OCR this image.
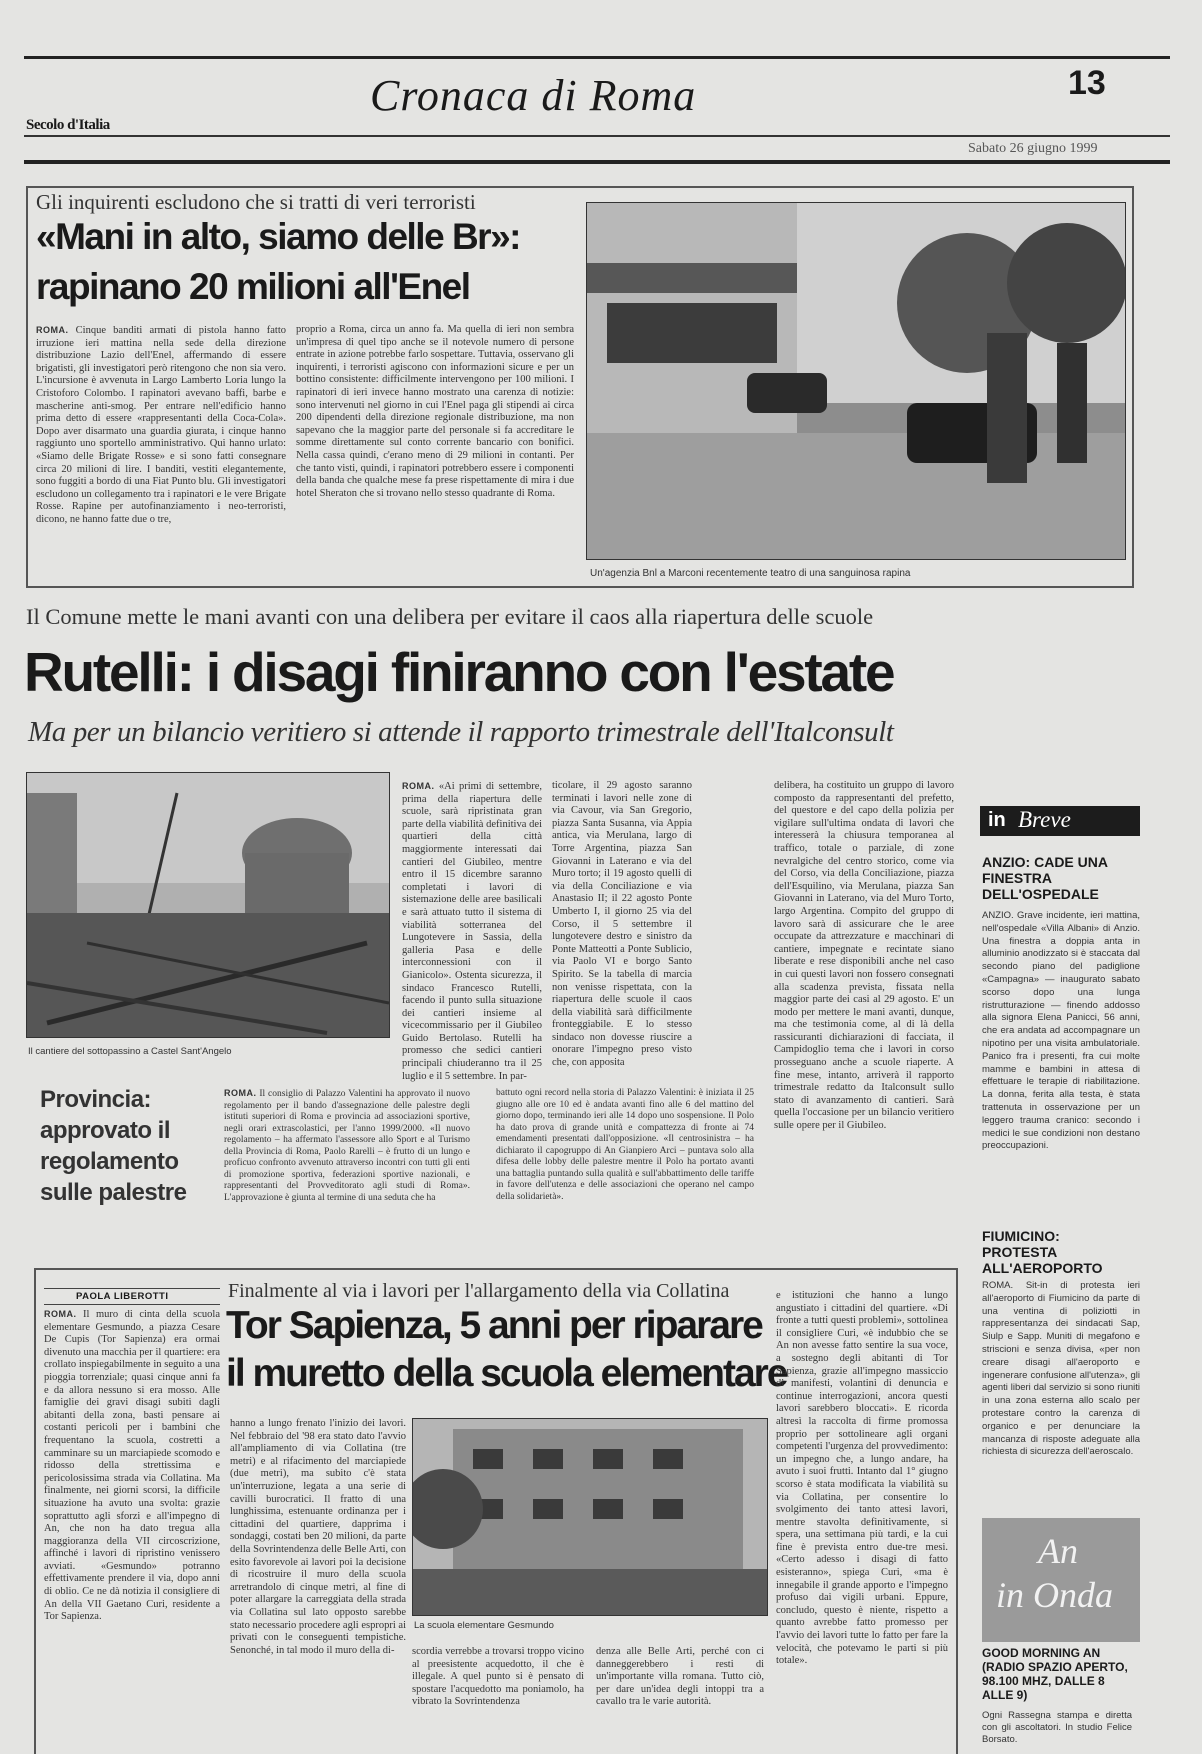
Cronaca di Roma	13
Secolo d'Italia
Sabato 26 giugno 1999
Gli inquirenti escludono che si tratti di veri terroristi
«Mani in alto, siamo delle Br»:
rapinano 20 milioni all'Enel
ROMA. Cinque banditi armati di pistola hanno fatto irruzione ieri mattina nella sede della direzione distribuzione Lazio dell'Enel, affermando di essere brigatisti, gli investigatori però ritengono che non sia vero. L'incursione è avvenuta in Largo Lamberto Loria lungo la Cristoforo Colombo. I rapinatori avevano baffi, barbe e mascherine anti-smog. Per entrare nell'edificio hanno prima detto di essere «rappresentanti della Coca-Cola». Dopo aver disarmato una guardia giurata, i cinque hanno raggiunto uno sportello amministrativo. Qui hanno urlato: «Siamo delle Brigate Rosse» e si sono fatti consegnare circa 20 milioni di lire. I banditi, vestiti elegantemente, sono fuggiti a bordo di una Fiat Punto blu. Gli investigatori escludono un collegamento tra i rapinatori e le vere Brigate Rosse. Rapine per autofinanziamento i neo-terroristi, dicono, ne hanno fatte due o tre,
proprio a Roma, circa un anno fa. Ma quella di ieri non sembra un'impresa di quel tipo anche se il notevole numero di persone entrate in azione potrebbe farlo sospettare. Tuttavia, osservano gli inquirenti, i terroristi agiscono con informazioni sicure e per un bottino consistente: difficilmente intervengono per 100 milioni. I rapinatori di ieri invece hanno mostrato una carenza di notizie: sono intervenuti nel giorno in cui l'Enel paga gli stipendi ai circa 200 dipendenti della direzione regionale distribuzione, ma non sapevano che la maggior parte del personale si fa accreditare le somme direttamente sul conto corrente bancario con bonifici. Nella cassa quindi, c'erano meno di 29 milioni in contanti. Per che tanto visti, quindi, i rapinatori potrebbero essere i componenti della banda che qualche mese fa prese rispettamente di mira i due hotel Sheraton che si trovano nello stesso quadrante di Roma.
Un'agenzia Bnl a Marconi recentemente teatro di una sanguinosa rapina
Il Comune mette le mani avanti con una delibera per evitare il caos alla riapertura delle scuole
Rutelli: i disagi finiranno con l'estate
Ma per un bilancio veritiero si attende il rapporto trimestrale dell'Italconsult
Il cantiere del sottopassino a Castel Sant'Angelo
ROMA. «Ai primi di settembre, prima della riapertura delle scuole, sarà ripristinata gran parte della viabilità definitiva dei quartieri della città maggiormente interessati dai cantieri del Giubileo, mentre entro il 15 dicembre saranno completati i lavori di sistemazione delle aree basilicali e sarà attuato tutto il sistema di viabilità sotterranea del Lungotevere in Sassia, della galleria Pasa e delle interconnessioni con il Gianicolo». Ostenta sicurezza, il sindaco Francesco Rutelli, facendo il punto sulla situazione dei cantieri insieme al vicecommissario per il Giubileo Guido Bertolaso. Rutelli ha promesso che sedici cantieri principali chiuderanno tra il 25 luglio e il 5 settembre. In par-
ticolare, il 29 agosto saranno terminati i lavori nelle zone di via Cavour, via San Gregorio, piazza Santa Susanna, via Appia antica, via Merulana, largo di Torre Argentina, piazza San Giovanni in Laterano e via del Muro torto; il 19 agosto quelli di via della Conciliazione e via Anastasio II; il 22 agosto Ponte Umberto I, il giorno 25 via del Corso, il 5 settembre il lungotevere destro e sinistro da Ponte Matteotti a Ponte Sublicio, via Paolo VI e borgo Santo Spirito. Se la tabella di marcia non venisse rispettata, con la riapertura delle scuole il caos della viabilità sarà difficilmente fronteggiabile. E lo stesso sindaco non dovesse riuscire a onorare l'impegno preso visto che, con apposita
delibera, ha costituito un gruppo di lavoro composto da rappresentanti del prefetto, del questore e del capo della polizia per vigilare sull'ultima ondata di lavori che interesserà la chiusura temporanea al traffico, totale o parziale, di zone nevralgiche del centro storico, come via del Corso, via della Conciliazione, piazza dell'Esquilino, via Merulana, piazza San Giovanni in Laterano, via del Muro Torto, largo Argentina. Compito del gruppo di lavoro sarà di assicurare che le aree occupate da attrezzature e macchinari di cantiere, impegnate e recintate siano liberate e rese disponibili anche nel caso in cui questi lavori non fossero consegnati alla scadenza prevista, fissata nella maggior parte dei casi al 29 agosto. E' un modo per mettere le mani avanti, dunque, ma che testimonia come, al di là della rassicuranti dichiarazioni di facciata, il Campidoglio tema che i lavori in corso prosseguano anche a scuole riaperte. A fine mese, intanto, arriverà il rapporto trimestrale redatto da Italconsult sullo stato di avanzamento di cantieri. Sarà quella l'occasione per un bilancio veritiero sulle opere per il Giubileo.
Provincia: approvato il regolamento sulle palestre
ROMA. Il consiglio di Palazzo Valentini ha approvato il nuovo regolamento per il bando d'assegnazione delle palestre degli istituti superiori di Roma e provincia ad associazioni sportive, negli orari extrascolastici, per l'anno 1999/2000. «Il nuovo regolamento – ha affermato l'assessore allo Sport e al Turismo della Provincia di Roma, Paolo Rarelli – è frutto di un lungo e proficuo confronto avvenuto attraverso incontri con tutti gli enti di promozione sportiva, federazioni sportive nazionali, e rappresentanti del Provveditorato agli studi di Roma». L'approvazione è giunta al termine di una seduta che ha
battuto ogni record nella storia di Palazzo Valentini: è iniziata il 25 giugno alle ore 10 ed è andata avanti fino alle 6 del mattino del giorno dopo, terminando ieri alle 14 dopo uno sospensione. Il Polo ha dato prova di grande unità e compattezza di fronte ai 74 emendamenti presentati dall'opposizione. «Il centrosinistra – ha dichiarato il capogruppo di An Gianpiero Arci – puntava solo alla difesa delle lobby delle palestre mentre il Polo ha portato avanti una battaglia puntando sulla qualità e sull'abbattimento delle tariffe in favore dell'utenza e delle associazioni che operano nel campo della solidarietà».
in Breve
ANZIO: CADE UNA FINESTRA DELL'OSPEDALE
ANZIO. Grave incidente, ieri mattina, nell'ospedale «Villa Albani» di Anzio. Una finestra a doppia anta in alluminio anodizzato si è staccata dal secondo piano del padiglione «Campagna» — inaugurato sabato scorso dopo una lunga ristrutturazione — finendo addosso alla signora Elena Panicci, 56 anni, che era andata ad accompagnare un nipotino per una visita ambulatoriale. Panico fra i presenti, fra cui molte mamme e bambini in attesa di effettuare le terapie di riabilitazione. La donna, ferita alla testa, è stata trattenuta in osservazione per un leggero trauma cranico: secondo i medici le sue condizioni non destano preoccupazioni.
FIUMICINO: PROTESTA ALL'AEROPORTO
ROMA. Sit-in di protesta ieri all'aeroporto di Fiumicino da parte di una ventina di poliziotti in rappresentanza dei sindacati Sap, Siulp e Sapp. Muniti di megafono e striscioni e senza divisa, «per non creare disagi all'aeroporto e ingenerare confusione all'utenza», gli agenti liberi dal servizio si sono riuniti in una zona esterna allo scalo per protestare contro la carenza di organico e per denunciare la mancanza di risposte adeguate alla richiesta di sicurezza dell'aeroscalo.
An
in Onda
GOOD MORNING AN (RADIO SPAZIO APERTO, 98.100 MHZ, DALLE 8 ALLE 9)
Ogni Rassegna stampa e diretta con gli ascoltatori. In studio Felice Borsato.
PAOLA LIBEROTTI
ROMA. Il muro di cinta della scuola elementare Gesmundo, a piazza Cesare De Cupis (Tor Sapienza) era ormai divenuto una macchia per il quartiere: era crollato inspiegabilmente in seguito a una pioggia torrenziale; quasi cinque anni fa e da allora nessuno si era mosso. Alle famiglie dei gravi disagi subiti dagli abitanti della zona, basti pensare ai costanti pericoli per i bambini che frequentano la scuola, costretti a camminare su un marciapiede scomodo e ridosso della strettissima e pericolosissima strada via Collatina. Ma finalmente, nei giorni scorsi, la difficile situazione ha avuto una svolta: grazie soprattutto agli sforzi e all'impegno di An, che non ha dato tregua alla maggioranza della VII circoscrizione, affinché i lavori di ripristino venissero avviati. «Gesmundo» potranno effettivamente prendere il via, dopo anni di oblio. Ce ne dà notizia il consigliere di An della VII Gaetano Curi, residente a Tor Sapienza.
Finalmente al via i lavori per l'allargamento della via Collatina
Tor Sapienza, 5 anni per riparare
il muretto della scuola elementare
hanno a lungo frenato l'inizio dei lavori. Nel febbraio del '98 era stato dato l'avvio all'ampliamento di via Collatina (tre metri) e al rifacimento del marciapiede (due metri), ma subito c'è stata un'interruzione, legata a una serie di cavilli burocratici. Il fratto di una lunghissima, estenuante ordinanza per i cittadini del quartiere, dapprima i sondaggi, costati ben 20 milioni, da parte della Sovrintendenza delle Belle Arti, con esito favorevole ai lavori poi la decisione di ricostruire il muro della scuola arretrandolo di cinque metri, al fine di poter allargare la carreggiata della strada via Collatina sul lato opposto sarebbe stato necessario procedere agli espropri ai privati con le conseguenti tempistiche. Senonché, in tal modo il muro della di-
La scuola elementare Gesmundo
scordia verrebbe a trovarsi troppo vicino al preesistente acquedotto, il che è illegale. A quel punto si è pensato di spostare l'acquedotto ma poniamolo, ha vibrato la Sovrintendenza
denza alle Belle Arti, perché con ci danneggerebbero i resti di un'importante villa romana. Tutto ciò, per dare un'idea degli intoppi tra a cavallo tra le varie autorità.
e istituzioni che hanno a lungo angustiato i cittadini del quartiere. «Di fronte a tutti questi problemi», sottolinea il consigliere Curi, «è indubbio che se An non avesse fatto sentire la sua voce, a sostegno degli abitanti di Tor Sapienza, grazie all'impegno massiccio di manifesti, volantini di denuncia e continue interrogazioni, ancora questi lavori sarebbero bloccati». E ricorda altresì la raccolta di firme promossa proprio per sottolineare agli organi competenti l'urgenza del provvedimento: un impegno che, a lungo andare, ha avuto i suoi frutti. Intanto dal 1° giugno scorso è stata modificata la viabilità su via Collatina, per consentire lo svolgimento dei tanto attesi lavori, mentre stavolta definitivamente, si spera, una settimana più tardi, e la cui fine è prevista entro due-tre mesi. «Certo adesso i disagi di fatto esisteranno», spiega Curi, «ma è innegabile il grande apporto e l'impegno profuso dai vigili urbani. Eppure, concludo, questo è niente, rispetto a quanto avrebbe fatto promesso per l'avvio dei lavori tutte lo fatto per fare la velocità, che potevamo le parti si più totale».
